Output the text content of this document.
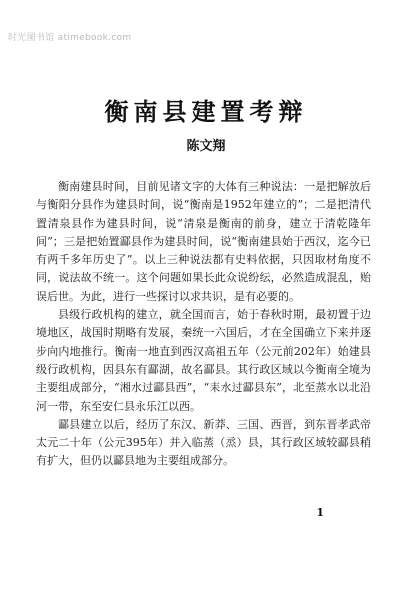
时光图书馆 atimebook.com
衡南县建置考辩
陈文翔

衡南建县时间，目前见诸文字的大体有三种说法：一是把解放后与衡阳分县作为建县时间，说“衡南是1952年建立的”；二是把清代置清泉县作为建县时间，说“清泉是衡南的前身，建立于清乾隆年间”；三是把始置酃县作为建县时间，说“衡南建县始于西汉，迄今已有两千多年历史了”。以上三种说法都有史料依据，只因取材角度不同，说法故不统一。这个问题如果长此众说纷纭，必然造成混乱，贻误后世。为此，进行一些探讨以求共识，是有必要的。

县级行政机构的建立，就全国而言，始于春秋时期，最初置于边境地区，战国时期略有发展，秦统一六国后，才在全国确立下来并逐步向内地推行。衡南一地直到西汉高祖五年（公元前202年）始建县级行政机构，因县东有酃湖，故名酃县。其行政区域以今衡南全境为主要组成部分，“湘水过酃县西”，“耒水过酃县东”，北至蒸水以北沿河一带，东至安仁县永乐江以西。

酃县建立以后，经历了东汉、新莽、三国、西晋，到东晋孝武帝太元二十年（公元395年）并入临蒸（烝）县，其行政区域较酃县稍有扩大，但仍以酃县地为主要组成部分。

1
